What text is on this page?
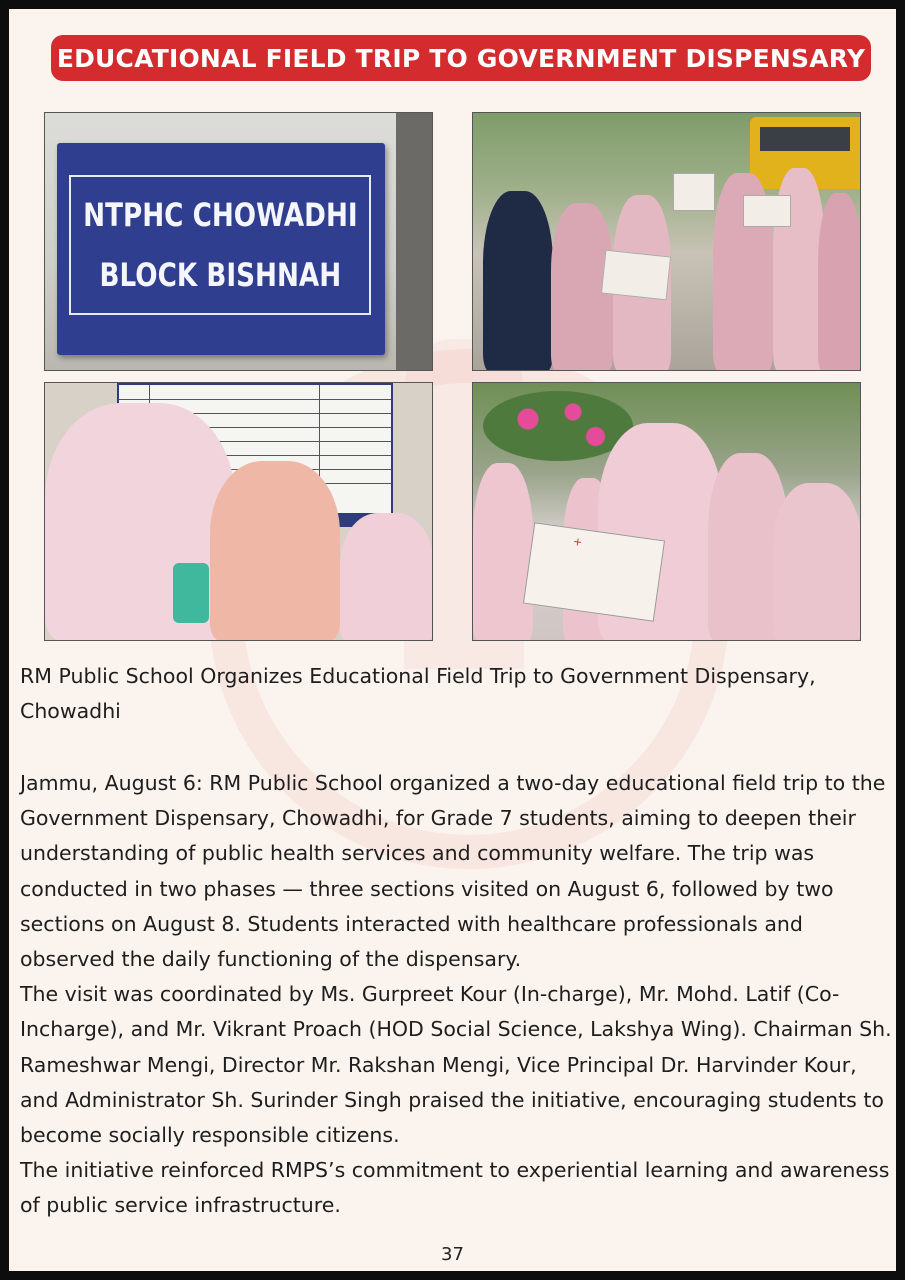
EDUCATIONAL FIELD TRIP TO GOVERNMENT DISPENSARY
NTPHC CHOWADHI
BLOCK BISHNAH
+
RM Public School Organizes Educational Field Trip to Government Dispensary, Chowadhi

Jammu, August 6: RM Public School organized a two-day educational field trip to the Government Dispensary, Chowadhi, for Grade 7 students, aiming to deepen their understanding of public health services and community welfare. The trip was conducted in two phases — three sections visited on August 6, followed by two sections on August 8. Students interacted with healthcare professionals and observed the daily functioning of the dispensary.

The visit was coordinated by Ms. Gurpreet Kour (In-charge), Mr. Mohd. Latif (Co-Incharge), and Mr. Vikrant Proach (HOD Social Science, Lakshya Wing). Chairman Sh. Rameshwar Mengi, Director Mr. Rakshan Mengi, Vice Principal Dr. Harvinder Kour, and Administrator Sh. Surinder Singh praised the initiative, encouraging students to become socially responsible citizens.

The initiative reinforced RMPS’s commitment to experiential learning and awareness of public service infrastructure.

37
